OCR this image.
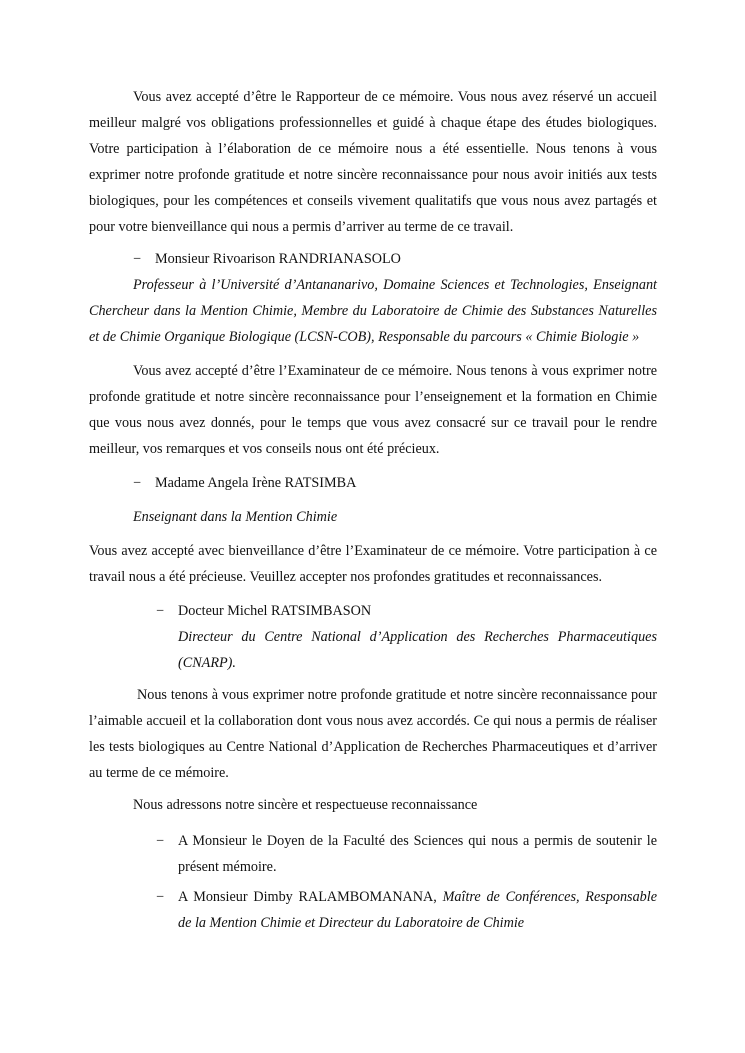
Vous avez accepté d’être le Rapporteur de ce mémoire. Vous nous avez réservé un accueil meilleur malgré vos obligations professionnelles et guidé à chaque étape des études biologiques. Votre participation à l’élaboration de ce mémoire nous a été essentielle. Nous tenons à vous exprimer notre profonde gratitude et notre sincère reconnaissance pour nous avoir initiés aux tests biologiques, pour les compétences et conseils vivement qualitatifs que vous nous avez partagés et pour votre bienveillance qui nous a permis d’arriver au terme de ce travail.

− Monsieur Rivoarison RANDRIANASOLO

Professeur à l’Université d’Antananarivo, Domaine Sciences et Technologies, Enseignant Chercheur dans la Mention Chimie, Membre du Laboratoire de Chimie des Substances Naturelles et de Chimie Organique Biologique (LCSN-COB), Responsable du parcours « Chimie Biologie »

Vous avez accepté d’être l’Examinateur de ce mémoire. Nous tenons à vous exprimer notre profonde gratitude et notre sincère reconnaissance pour l’enseignement et la formation en Chimie que vous nous avez donnés, pour le temps que vous avez consacré sur ce travail pour le rendre meilleur, vos remarques et vos conseils nous ont été précieux.

− Madame Angela Irène RATSIMBA

Enseignant dans la Mention Chimie

Vous avez accepté avec bienveillance d’être l’Examinateur de ce mémoire. Votre participation à ce travail nous a été précieuse. Veuillez accepter nos profondes gratitudes et reconnaissances.

− Docteur Michel RATSIMBASON
Directeur du Centre National d’Application des Recherches Pharmaceutiques (CNARP).

Nous tenons à vous exprimer notre profonde gratitude et notre sincère reconnaissance pour l’aimable accueil et la collaboration dont vous nous avez accordés. Ce qui nous a permis de réaliser les tests biologiques au Centre National d’Application de Recherches Pharmaceutiques et d’arriver au terme de ce mémoire.

Nous adressons notre sincère et respectueuse reconnaissance

− A Monsieur le Doyen de la Faculté des Sciences qui nous a permis de soutenir le présent mémoire.
− A Monsieur Dimby RALAMBOMANANA, Maître de Conférences, Responsable de la Mention Chimie et Directeur du Laboratoire de Chimie
